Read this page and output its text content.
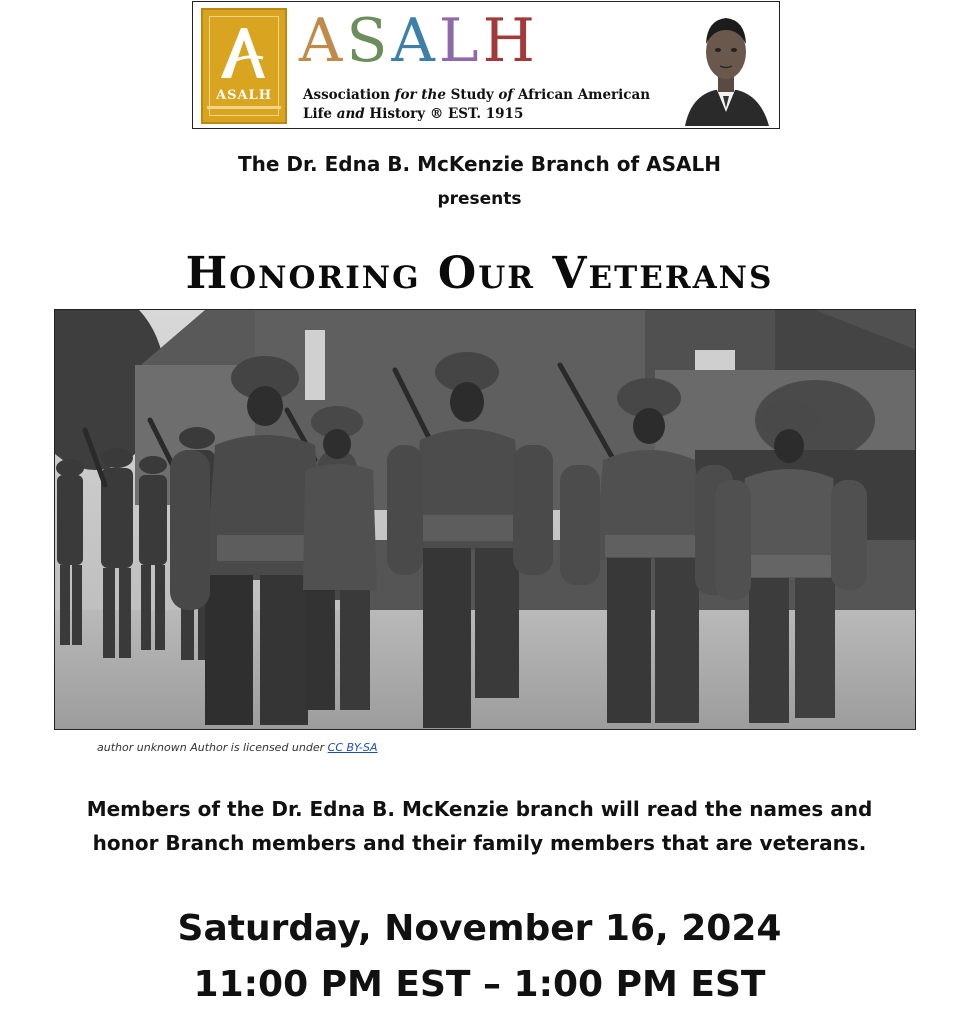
ASALH
ASALH
Association for the Study of African American
Life and History ® EST. 1915
The Dr. Edna B. McKenzie Branch of ASALH
presents
Honoring Our Veterans
author unknown Author is licensed under CC BY-SA
Members of the Dr. Edna B. McKenzie branch will read the names and
honor Branch members and their family members that are veterans.
Saturday, November 16, 2024
11:00 PM EST – 1:00 PM EST
